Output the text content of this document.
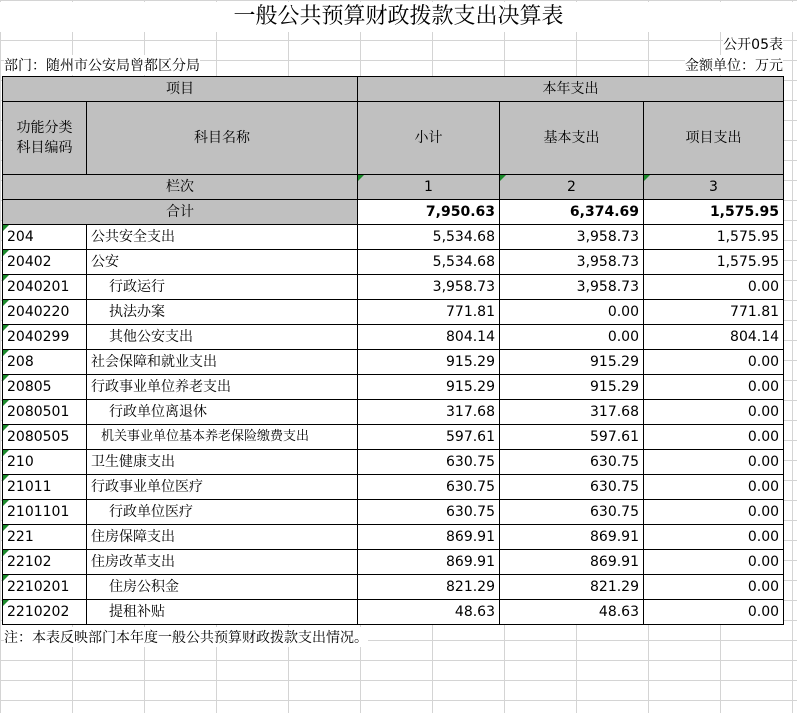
一般公共预算财政拨款支出决算表
公开05表
部门：随州市公安局曾都区分局	金额单位：万元
项目		本年支出		
功能分类
科目编码	科目名称	小计	基本支出	项目支出
栏次		1	2	3
合计		7,950.63	6,374.69	1,575.95
204	公共安全支出	5,534.68	3,958.73	1,575.95
20402	公安	5,534.68	3,958.73	1,575.95
2040201	行政运行	3,958.73	3,958.73	0.00
2040220	执法办案	771.81	0.00	771.81
2040299	其他公安支出	804.14	0.00	804.14
208	社会保障和就业支出	915.29	915.29	0.00
20805	行政事业单位养老支出	915.29	915.29	0.00
2080501	行政单位离退休	317.68	317.68	0.00
2080505	机关事业单位基本养老保险缴费支出	597.61	597.61	0.00
210	卫生健康支出	630.75	630.75	0.00
21011	行政事业单位医疗	630.75	630.75	0.00
2101101	行政单位医疗	630.75	630.75	0.00
221	住房保障支出	869.91	869.91	0.00
22102	住房改革支出	869.91	869.91	0.00
2210201	住房公积金	821.29	821.29	0.00
2210202	提租补贴	48.63	48.63	0.00
注：本表反映部门本年度一般公共预算财政拨款支出情况。
